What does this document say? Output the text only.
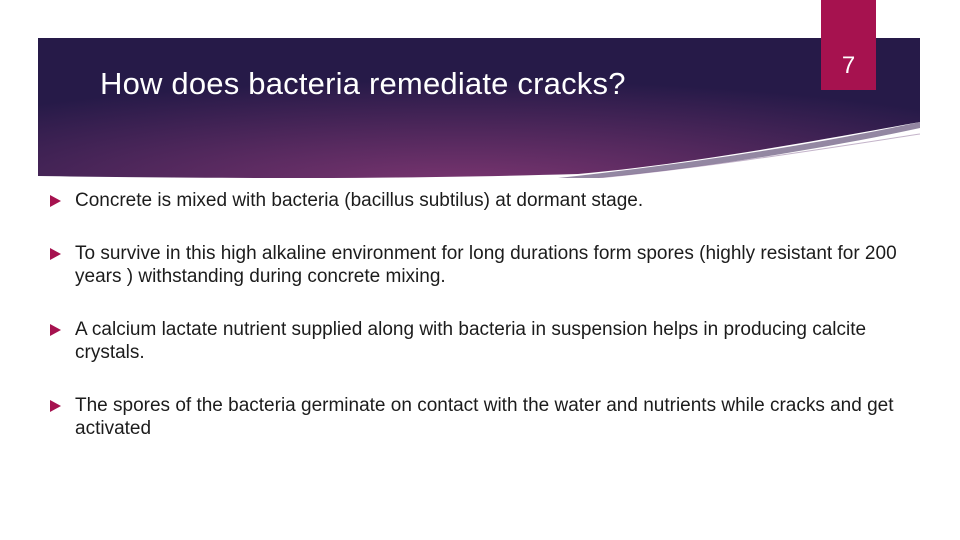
7
How does bacteria remediate cracks?
Concrete is mixed with bacteria (bacillus subtilus) at dormant stage.
To survive in this high alkaline environment for long durations form spores (highly resistant for 200 years ) withstanding during concrete mixing.
A calcium lactate nutrient supplied along with bacteria in suspension helps in producing calcite crystals.
The spores of the bacteria germinate on contact with the water and nutrients while cracks and get activated
